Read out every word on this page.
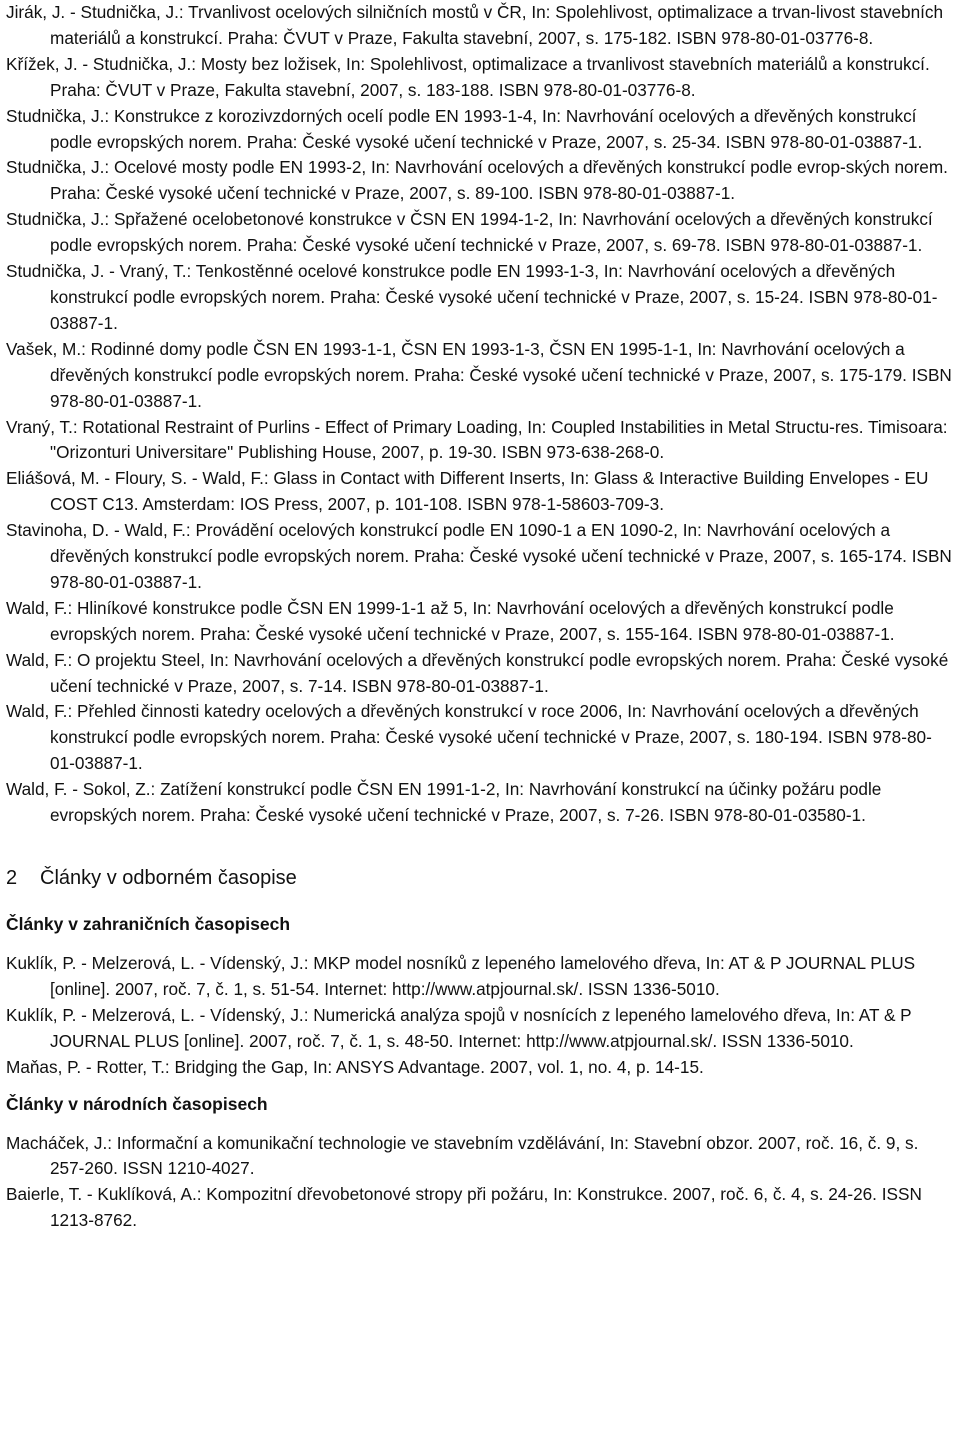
Jirák, J. - Studnička, J.: Trvanlivost ocelových silničních mostů v ČR, In: Spolehlivost, optimalizace a trvan-livost stavebních materiálů a konstrukcí. Praha: ČVUT v Praze, Fakulta stavební, 2007, s. 175-182. ISBN 978-80-01-03776-8.

Křížek, J. - Studnička, J.: Mosty bez ložisek, In: Spolehlivost, optimalizace a trvanlivost stavebních materiálů a konstrukcí. Praha: ČVUT v Praze, Fakulta stavební, 2007, s. 183-188. ISBN 978-80-01-03776-8.

Studnička, J.: Konstrukce z korozivzdorných ocelí podle EN 1993-1-4, In: Navrhování ocelových a dřevěných konstrukcí podle evropských norem. Praha: České vysoké učení technické v Praze, 2007, s. 25-34. ISBN 978-80-01-03887-1.

Studnička, J.: Ocelové mosty podle EN 1993-2, In: Navrhování ocelových a dřevěných konstrukcí podle evrop-ských norem. Praha: České vysoké učení technické v Praze, 2007, s. 89-100. ISBN 978-80-01-03887-1.

Studnička, J.: Spřažené ocelobetonové konstrukce v ČSN EN 1994-1-2, In: Navrhování ocelových a dřevěných konstrukcí podle evropských norem. Praha: České vysoké učení technické v Praze, 2007, s. 69-78. ISBN 978-80-01-03887-1.

Studnička, J. - Vraný, T.: Tenkostěnné ocelové konstrukce podle EN 1993-1-3, In: Navrhování ocelových a dřevěných konstrukcí podle evropských norem. Praha: České vysoké učení technické v Praze, 2007, s. 15-24. ISBN 978-80-01-03887-1.

Vašek, M.: Rodinné domy podle ČSN EN 1993-1-1, ČSN EN 1993-1-3, ČSN EN 1995-1-1, In: Navrhování ocelových a dřevěných konstrukcí podle evropských norem. Praha: České vysoké učení technické v Praze, 2007, s. 175-179. ISBN 978-80-01-03887-1.

Vraný, T.: Rotational Restraint of Purlins - Effect of Primary Loading, In: Coupled Instabilities in Metal Structu-res. Timisoara: "Orizonturi Universitare" Publishing House, 2007, p. 19-30. ISBN 973-638-268-0.

Eliášová, M. - Floury, S. - Wald, F.: Glass in Contact with Different Inserts, In: Glass & Interactive Building Envelopes - EU COST C13. Amsterdam: IOS Press, 2007, p. 101-108. ISBN 978-1-58603-709-3.

Stavinoha, D. - Wald, F.: Provádění ocelových konstrukcí podle EN 1090-1 a EN 1090-2, In: Navrhování ocelových a dřevěných konstrukcí podle evropských norem. Praha: České vysoké učení technické v Praze, 2007, s. 165-174. ISBN 978-80-01-03887-1.

Wald, F.: Hliníkové konstrukce podle ČSN EN 1999-1-1 až 5, In: Navrhování ocelových a dřevěných konstrukcí podle evropských norem. Praha: České vysoké učení technické v Praze, 2007, s. 155-164. ISBN 978-80-01-03887-1.

Wald, F.: O projektu Steel, In: Navrhování ocelových a dřevěných konstrukcí podle evropských norem. Praha: České vysoké učení technické v Praze, 2007, s. 7-14. ISBN 978-80-01-03887-1.

Wald, F.: Přehled činnosti katedry ocelových a dřevěných konstrukcí v roce 2006, In: Navrhování ocelových a dřevěných konstrukcí podle evropských norem. Praha: České vysoké učení technické v Praze, 2007, s. 180-194. ISBN 978-80-01-03887-1.

Wald, F. - Sokol, Z.: Zatížení konstrukcí podle ČSN EN 1991-1-2, In: Navrhování konstrukcí na účinky požáru podle evropských norem. Praha: České vysoké učení technické v Praze, 2007, s. 7-26. ISBN 978-80-01-03580-1.

2 Články v odborném časopise

Články v zahraničních časopisech

Kuklík, P. - Melzerová, L. - Vídenský, J.: MKP model nosníků z lepeného lamelového dřeva, In: AT & P JOURNAL PLUS [online]. 2007, roč. 7, č. 1, s. 51-54. Internet: http://www.atpjournal.sk/. ISSN 1336-5010.

Kuklík, P. - Melzerová, L. - Vídenský, J.: Numerická analýza spojů v nosnících z lepeného lamelového dřeva, In: AT & P JOURNAL PLUS [online]. 2007, roč. 7, č. 1, s. 48-50. Internet: http://www.atpjournal.sk/. ISSN 1336-5010.

Maňas, P. - Rotter, T.: Bridging the Gap, In: ANSYS Advantage. 2007, vol. 1, no. 4, p. 14-15.

Články v národních časopisech

Macháček, J.: Informační a komunikační technologie ve stavebním vzdělávání, In: Stavební obzor. 2007, roč. 16, č. 9, s. 257-260. ISSN 1210-4027.

Baierle, T. - Kuklíková, A.: Kompozitní dřevobetonové stropy při požáru, In: Konstrukce. 2007, roč. 6, č. 4, s. 24-26. ISSN 1213-8762.
